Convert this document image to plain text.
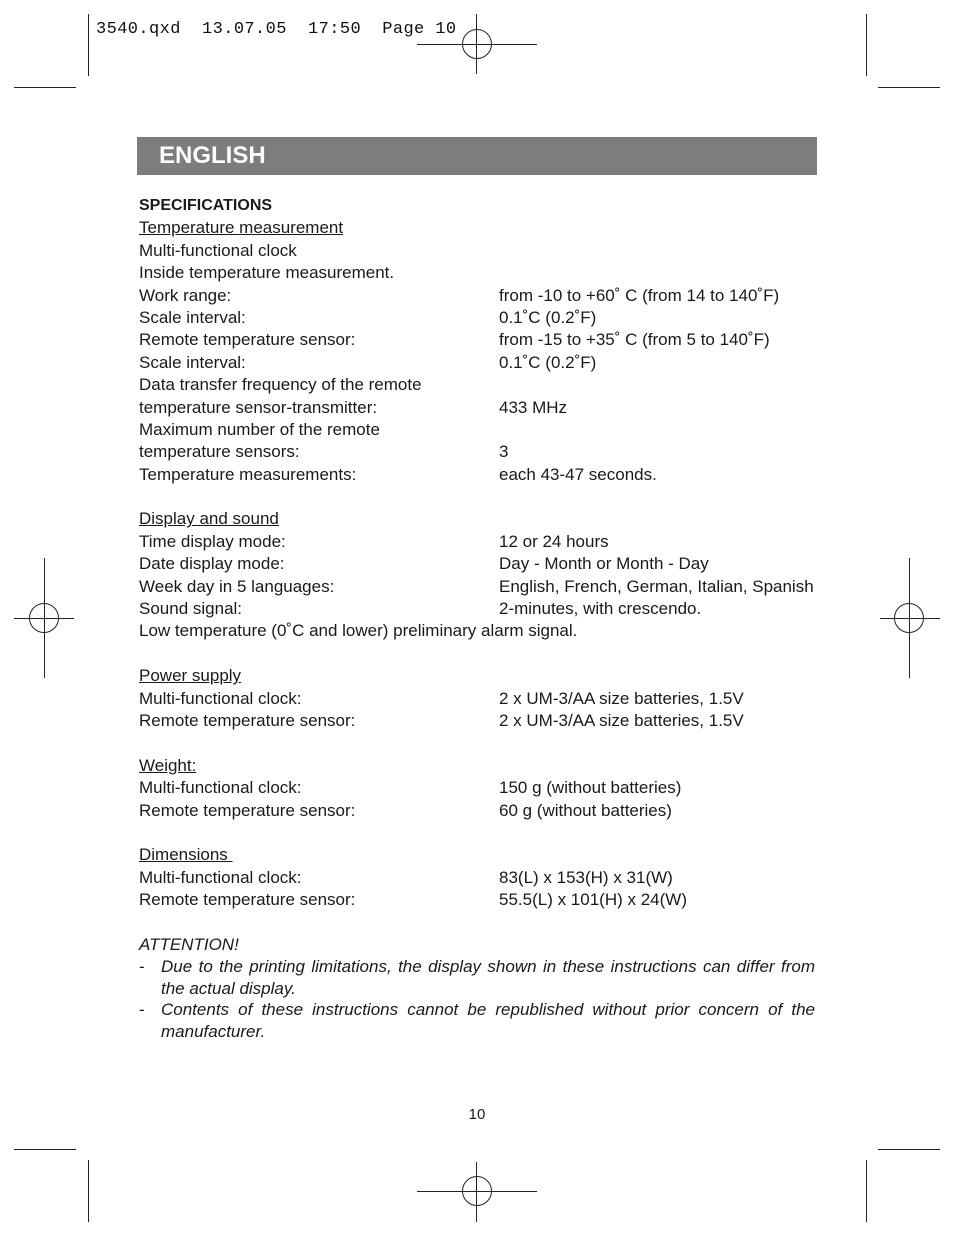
3540.qxd  13.07.05  17:50  Page 10
ENGLISH
SPECIFICATIONS
Temperature measurement
Multi-functional clock
Inside temperature measurement.
Work range:	from -10 to +60˚ C (from 14 to 140˚F)
Scale interval:	0.1˚C (0.2˚F)
Remote temperature sensor:	from -15 to +35˚ C (from 5 to 140˚F)
Scale interval:	0.1˚C (0.2˚F)
Data transfer frequency of the remote
temperature sensor-transmitter:	433 MHz
Maximum number of the remote
temperature sensors:	3
Temperature measurements:	each 43-47 seconds.
Display and sound
Time display mode:	12 or 24 hours
Date display mode:	Day - Month or Month - Day
Week day in 5 languages:	English, French, German, Italian, Spanish
Sound signal:	2-minutes, with crescendo.
Low temperature (0˚C and lower) preliminary alarm signal.
Power supply
Multi-functional clock:	2 x UM-3/AA size batteries, 1.5V
Remote temperature sensor:	2 x UM-3/AA size batteries, 1.5V
Weight:
Multi-functional clock:	150 g (without batteries)
Remote temperature sensor:	60 g (without batteries)
Dimensions
Multi-functional clock:	83(L) x 153(H) x 31(W)
Remote temperature sensor:	55.5(L) x 101(H) x 24(W)
ATTENTION!
- Due to the printing limitations, the display shown in these instructions can differ from the actual display.
- Contents of these instructions cannot be republished without prior concern of the manufacturer.
10
